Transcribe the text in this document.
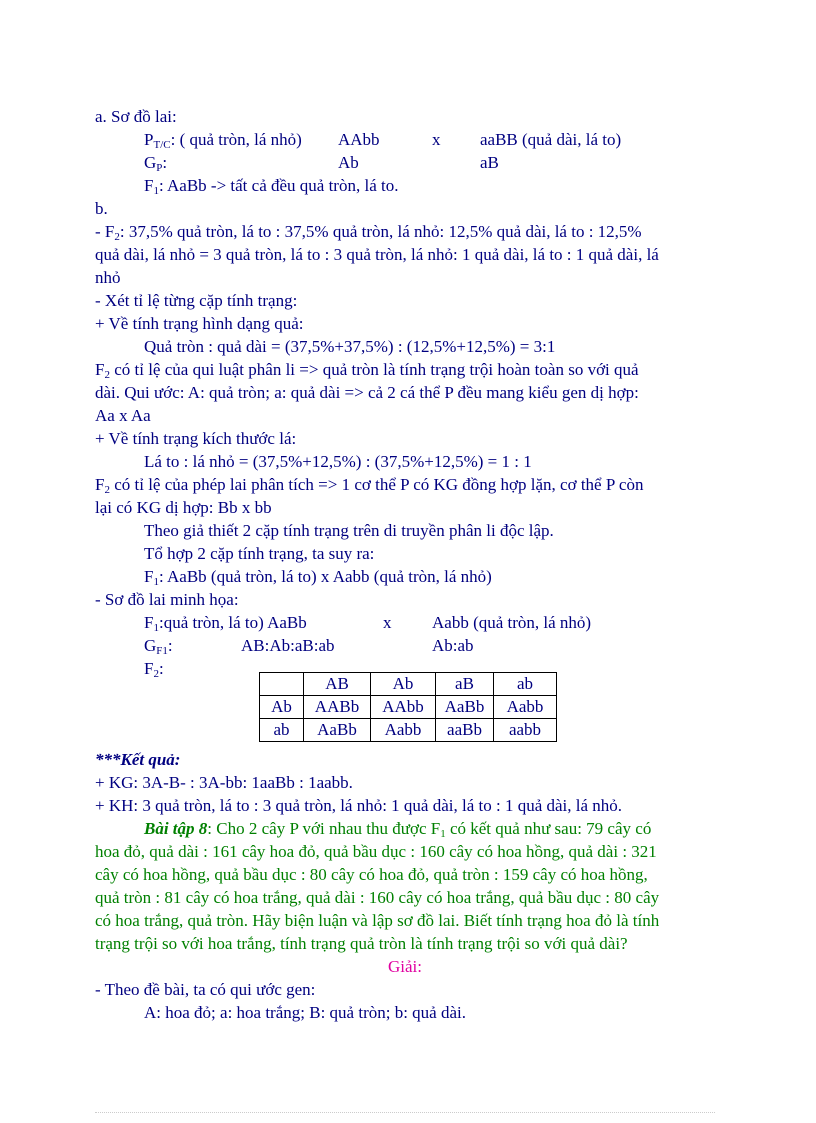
a. Sơ đồ lai:
$P_{T/C}$: ( quả tròn, lá nhỏ) AAbb	x aaBB (quả dài, lá to)
$G_P$:	Ab	aB
$F_1$: AaBb -> tất cả đều quả tròn, lá to.
b.
- $F_2$: 37,5% quả tròn, lá to : 37,5% quả tròn, lá nhỏ: 12,5% quả dài, lá to : 12,5%
quả dài, lá nhỏ = 3 quả tròn, lá to : 3 quả tròn, lá nhỏ: 1 quả dài, lá to : 1 quả dài, lá
nhỏ
- Xét tỉ lệ từng cặp tính trạng:
+ Về tính trạng hình dạng quả:
Quả tròn : quả dài = (37,5%+37,5%) : (12,5%+12,5%) = 3:1
$F_2$ có tỉ lệ của qui luật phân li => quả tròn là tính trạng trội hoàn toàn so với quả
dài. Qui ước: A: quả tròn; a: quả dài => cả 2 cá thể P đều mang kiểu gen dị hợp:
Aa x Aa
+ Về tính trạng kích thước lá:
Lá to : lá nhỏ = (37,5%+12,5%) : (37,5%+12,5%) = 1 : 1
$F_2$ có tỉ lệ của phép lai phân tích => 1 cơ thể P có KG đồng hợp lặn, cơ thể P còn
lại có KG dị hợp: Bb x bb
Theo giả thiết 2 cặp tính trạng trên di truyền phân li độc lập.
Tổ hợp 2 cặp tính trạng, ta suy ra:
$F_1$: AaBb (quả tròn, lá to) x Aabb (quả tròn, lá nhỏ)
- Sơ đồ lai minh họa:
$F_1:quả$ tròn, lá to) AaBb	x Aabb (quả tròn, lá nhỏ)
$G_{F1}$:	AB:Ab:aB:ab	Ab:ab
$F_2$:
	AB	Ab	aB	ab
Ab	AABb	AAbb	AaBb	Aabb
ab	AaBb	Aabb	aaBb	aabb
***Kết quả:
+ KG: 3A-B- : 3A-bb: 1aaBb : 1aabb.
+ KH: 3 quả tròn, lá to : 3 quả tròn, lá nhỏ: 1 quả dài, lá to : 1 quả dài, lá nhỏ.
Bài tập 8: Cho 2 cây P với nhau thu được $F_1$ có kết quả như sau: 79 cây có
hoa đỏ, quả dài : 161 cây hoa đỏ, quả bầu dục : 160 cây có hoa hồng, quả dài : 321
cây có hoa hồng, quả bầu dục : 80 cây có hoa đỏ, quả tròn : 159 cây có hoa hồng,
quả tròn : 81 cây có hoa trắng, quả dài : 160 cây có hoa trắng, quả bầu dục : 80 cây
có hoa trắng, quả tròn. Hãy biện luận và lập sơ đồ lai. Biết tính trạng hoa đỏ là tính
trạng trội so với hoa trắng, tính trạng quả tròn là tính trạng trội so với quả dài?
Giải:
- Theo đề bài, ta có qui ước gen:
A: hoa đỏ; a: hoa trắng; B: quả tròn; b: quả dài.
